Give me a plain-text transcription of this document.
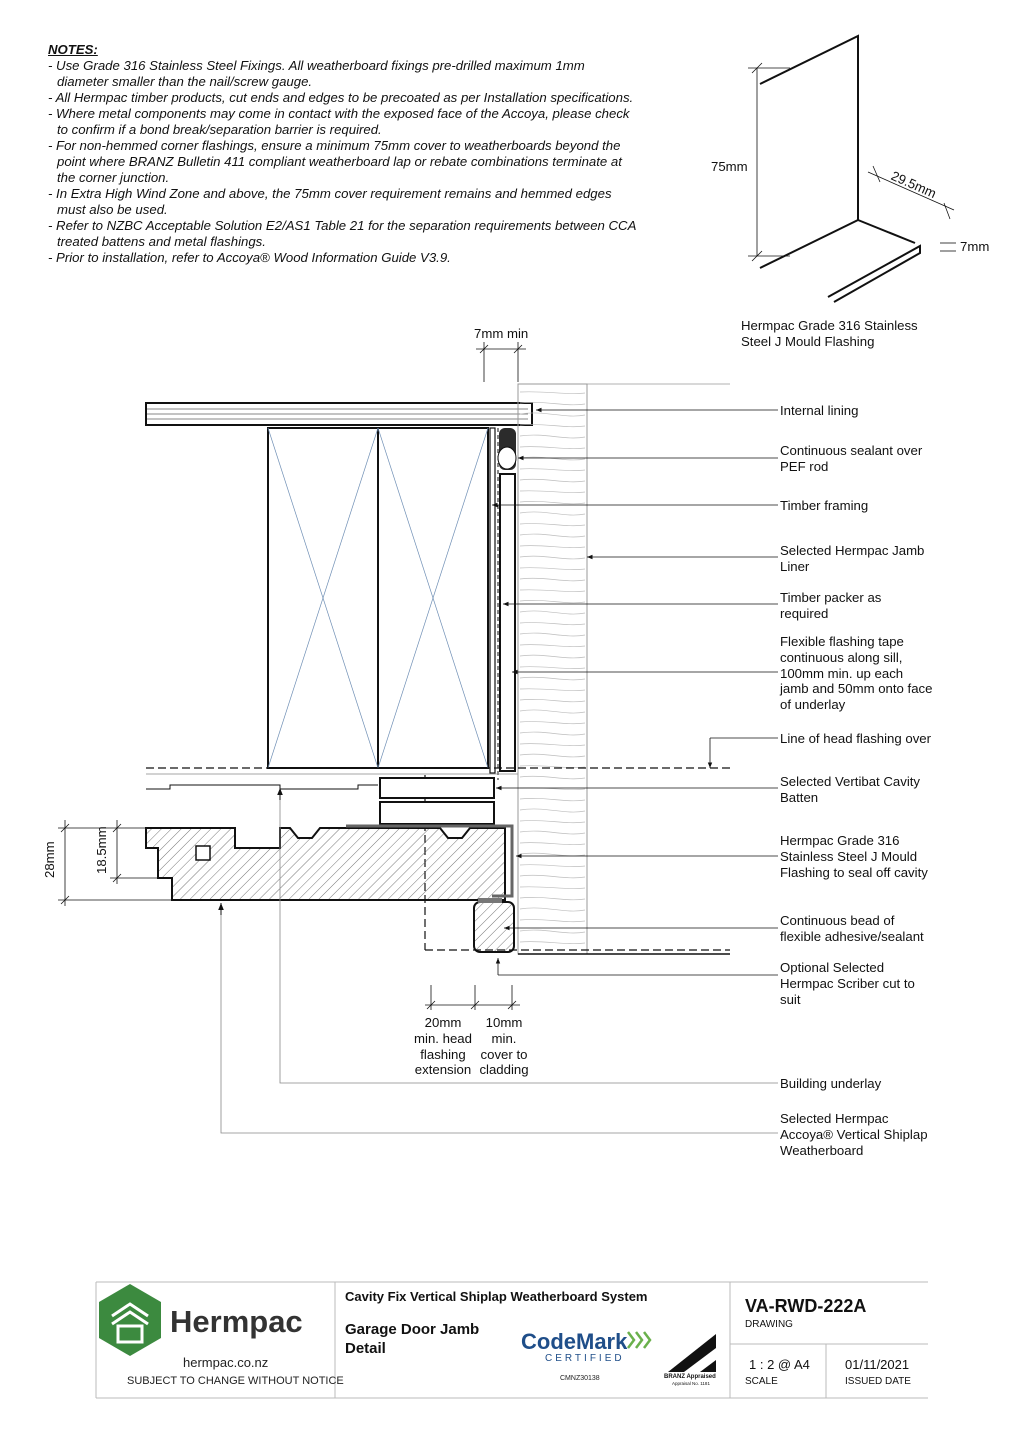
NOTES:
- Use Grade 316 Stainless Steel Fixings. All weatherboard fixings pre-drilled maximum 1mm
diameter smaller than the nail/screw gauge.
- All Hermpac timber products, cut ends and edges to be precoated as per Installation specifications.
- Where metal components may come in contact with the exposed face of the Accoya, please check
to confirm if a bond break/separation barrier is required.
- For non-hemmed corner flashings, ensure a minimum 75mm cover to weatherboards beyond the
point where BRANZ Bulletin 411 compliant weatherboard lap or rebate combinations terminate at
the corner junction.
- In Extra High Wind Zone and above, the 75mm cover requirement remains and hemmed edges
must also be used.
- Refer to NZBC Acceptable Solution E2/AS1 Table 21 for the separation requirements between CCA
treated battens and metal flashings.
- Prior to installation, refer to Accoya® Wood Information Guide V3.9.
75mm
29.5mm
7mm
Hermpac Grade 316 Stainless
Steel J Mould Flashing
7mm min
28mm	18.5mm
20mm
min. head
flashing
extension
10mm
min.
cover to
cladding
Internal lining
Continuous sealant over
PEF rod
Timber framing
Selected Hermpac Jamb
Liner
Timber packer as
required
Flexible flashing tape
continuous along sill,
100mm min. up each
jamb and 50mm onto face
of underlay
Line of head flashing over
Selected Vertibat Cavity
Batten
Hermpac Grade 316
Stainless Steel J Mould
Flashing to seal off cavity
Continuous bead of
flexible adhesive/sealant
Optional Selected
Hermpac Scriber cut to
suit
Building underlay
Selected Hermpac
Accoya® Vertical Shiplap
Weatherboard
Hermpac
hermpac.co.nz
SUBJECT TO CHANGE WITHOUT NOTICE
Cavity Fix Vertical Shiplap Weatherboard System
Garage Door Jamb
Detail	CodeMark
CERTIFIED
CMNZ30138	BRANZ Appraised
Appraisal No. 1181
VA-RWD-222A
DRAWING
1 : 2 @ A4
SCALE
01/11/2021
ISSUED DATE
